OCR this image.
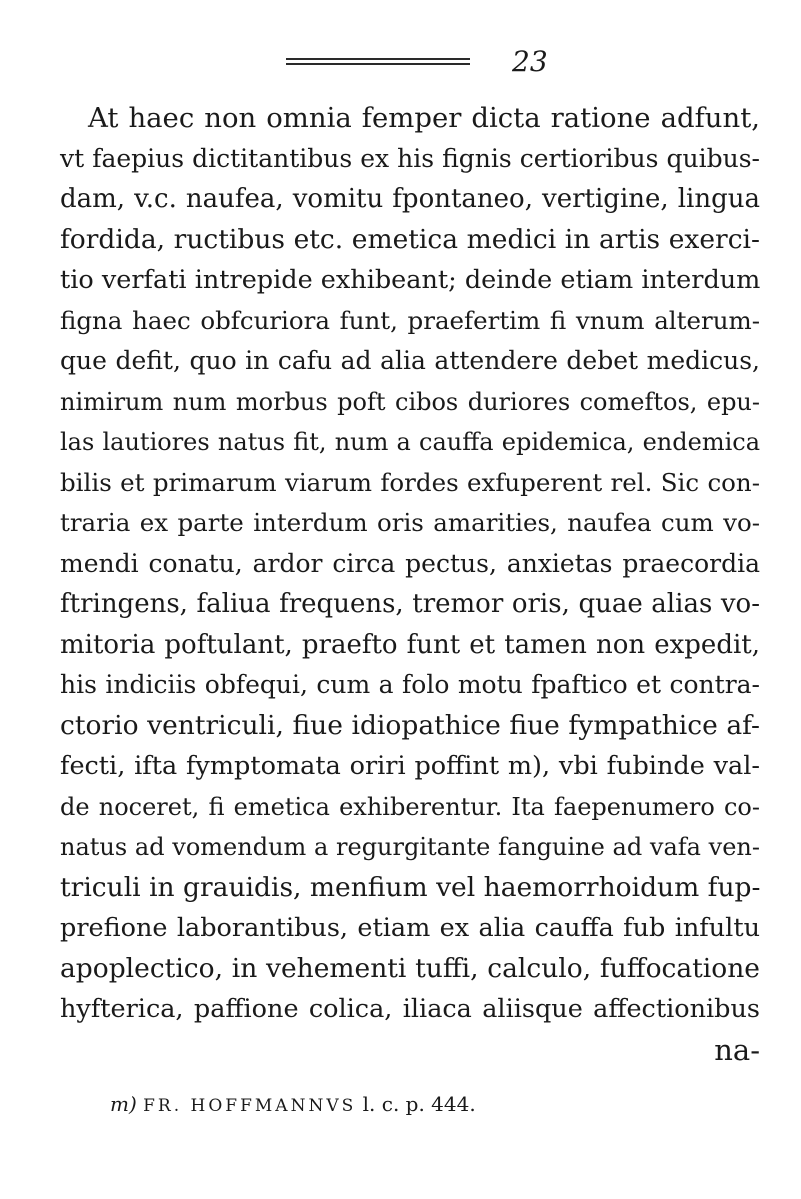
23
At haec non omnia femper dicta ratione adfunt,
vt faepius dictitantibus ex his fignis certioribus quibus-
dam, v.c. naufea, vomitu fpontaneo, vertigine, lingua
fordida, ructibus etc. emetica medici in artis exerci-
tio verfati intrepide exhibeant; deinde etiam interdum
figna haec obfcuriora funt, praefertim fi vnum alterum-
que defit, quo in cafu ad alia attendere debet medicus,
nimirum num morbus poft cibos duriores comeftos, epu-
las lautiores natus fit, num a cauffa epidemica, endemica
bilis et primarum viarum fordes exfuperent rel. Sic con-
traria ex parte interdum oris amarities, naufea cum vo-
mendi conatu, ardor circa pectus, anxietas praecordia
ftringens, faliua frequens, tremor oris, quae alias vo-
mitoria poftulant, praefto funt et tamen non expedit,
his indiciis obfequi, cum a folo motu fpaftico et contra-
ctorio ventriculi, fiue idiopathice fiue fympathice af-
fecti, ifta fymptomata oriri poffint m), vbi fubinde val-
de noceret, fi emetica exhiberentur. Ita faepenumero co-
natus ad vomendum a regurgitante fanguine ad vafa ven-
triculi in grauidis, menfium vel haemorrhoidum fup-
prefione laborantibus, etiam ex alia cauffa fub infultu
apoplectico, in vehementi tuffi, calculo, fuffocatione
hyfterica, paffione colica, iliaca aliisque affectionibus
na-
m) FR. HOFFMANNVS l. c. p. 444.
